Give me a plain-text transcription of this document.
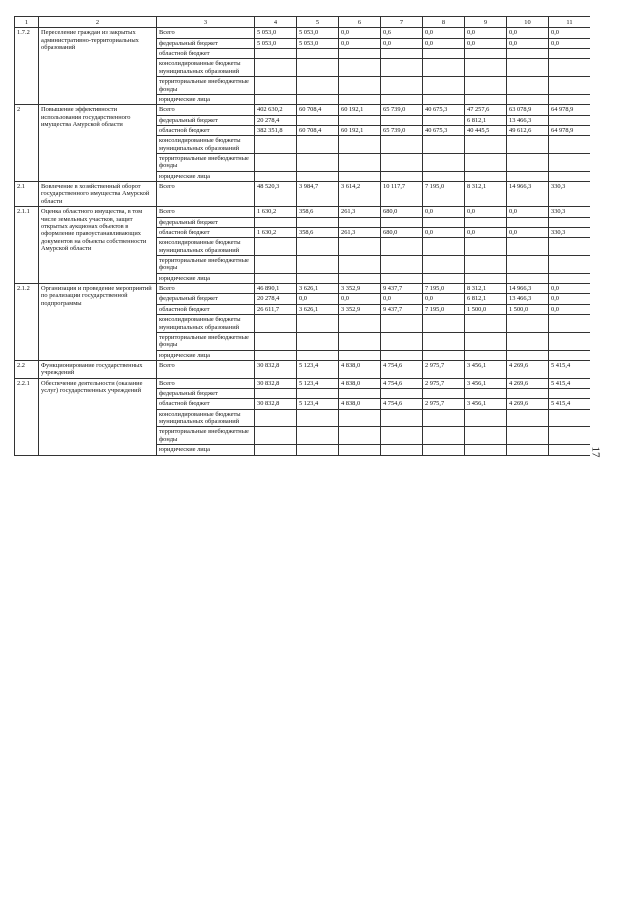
17
1	2	3	4	5	6	7	8	9	10	11
1.7.2	Переселение граждан из закрытых административно-территориальных образований	Всего	5 053,0	5 053,0	0,0	0,6	0,0	0,0	0,0	0,0
		федеральный бюджет	5 053,0	5 053,0	0,0	0,0	0,0	0,0	0,0	0,0
		областной бюджет								
		консолидированные бюджеты муниципальных образований								
		территориальные внебюджетные фонды								
		юридические лица								
2	Повышение эффективности использования государственного имущества Амурской области	Всего	402 630,2	60 708,4	60 192,1	65 739,0	40 675,3	47 257,6	63 078,9	64 978,9
		федеральный бюджет	20 278,4					6 812,1	13 466,3	
		областной бюджет	382 351,8	60 708,4	60 192,1	65 739,0	40 675,3	40 445,5	49 612,6	64 978,9
		консолидированные бюджеты муниципальных образований								
		территориальные внебюджетные фонды								
		юридические лица								
2.1	Вовлечение в хозяйственный оборот государственного имущества Амурской области	Всего	48 520,3	3 984,7	3 614,2	10 117,7	7 195,0	8 312,1	14 966,3	330,3
2.1.1	Оценка областного имущества, в том числе земельных участков, защит открытых аукционах объектов в оформление правоустанавливающих документов на объекты собственности Амурской области	Всего	1 630,2	358,6	261,3	680,0	0,0	0,0	0,0	330,3
		федеральный бюджет								
		областной бюджет	1 630,2	358,6	261,3	680,0	0,0	0,0	0,0	330,3
		консолидированные бюджеты муниципальных образований								
		территориальные внебюджетные фонды								
		юридические лица								
2.1.2	Организация и проведение мероприятий по реализации государственной подпрограммы	Всего	46 890,1	3 626,1	3 352,9	9 437,7	7 195,0	8 312,1	14 966,3	0,0
		федеральный бюджет	20 278,4	0,0	0,0	0,0	0,0	6 812,1	13 466,3	0,0
		областной бюджет	26 611,7	3 626,1	3 352,9	9 437,7	7 195,0	1 500,0	1 500,0	0,0
		консолидированные бюджеты муниципальных образований								
		территориальные внебюджетные фонды								
		юридические лица								
2.2	Функционирование государственных учреждений	Всего	30 832,8	5 123,4	4 838,0	4 754,6	2 975,7	3 456,1	4 269,6	5 415,4
2.2.1	Обеспечение деятельности (оказание услуг) государственных учреждений	Всего	30 832,8	5 123,4	4 838,0	4 754,6	2 975,7	3 456,1	4 269,6	5 415,4
		федеральный бюджет								
		областной бюджет	30 832,8	5 123,4	4 838,0	4 754,6	2 975,7	3 456,1	4 269,6	5 415,4
		консолидированные бюджеты муниципальных образований								
		территориальные внебюджетные фонды								
		юридические лица								
